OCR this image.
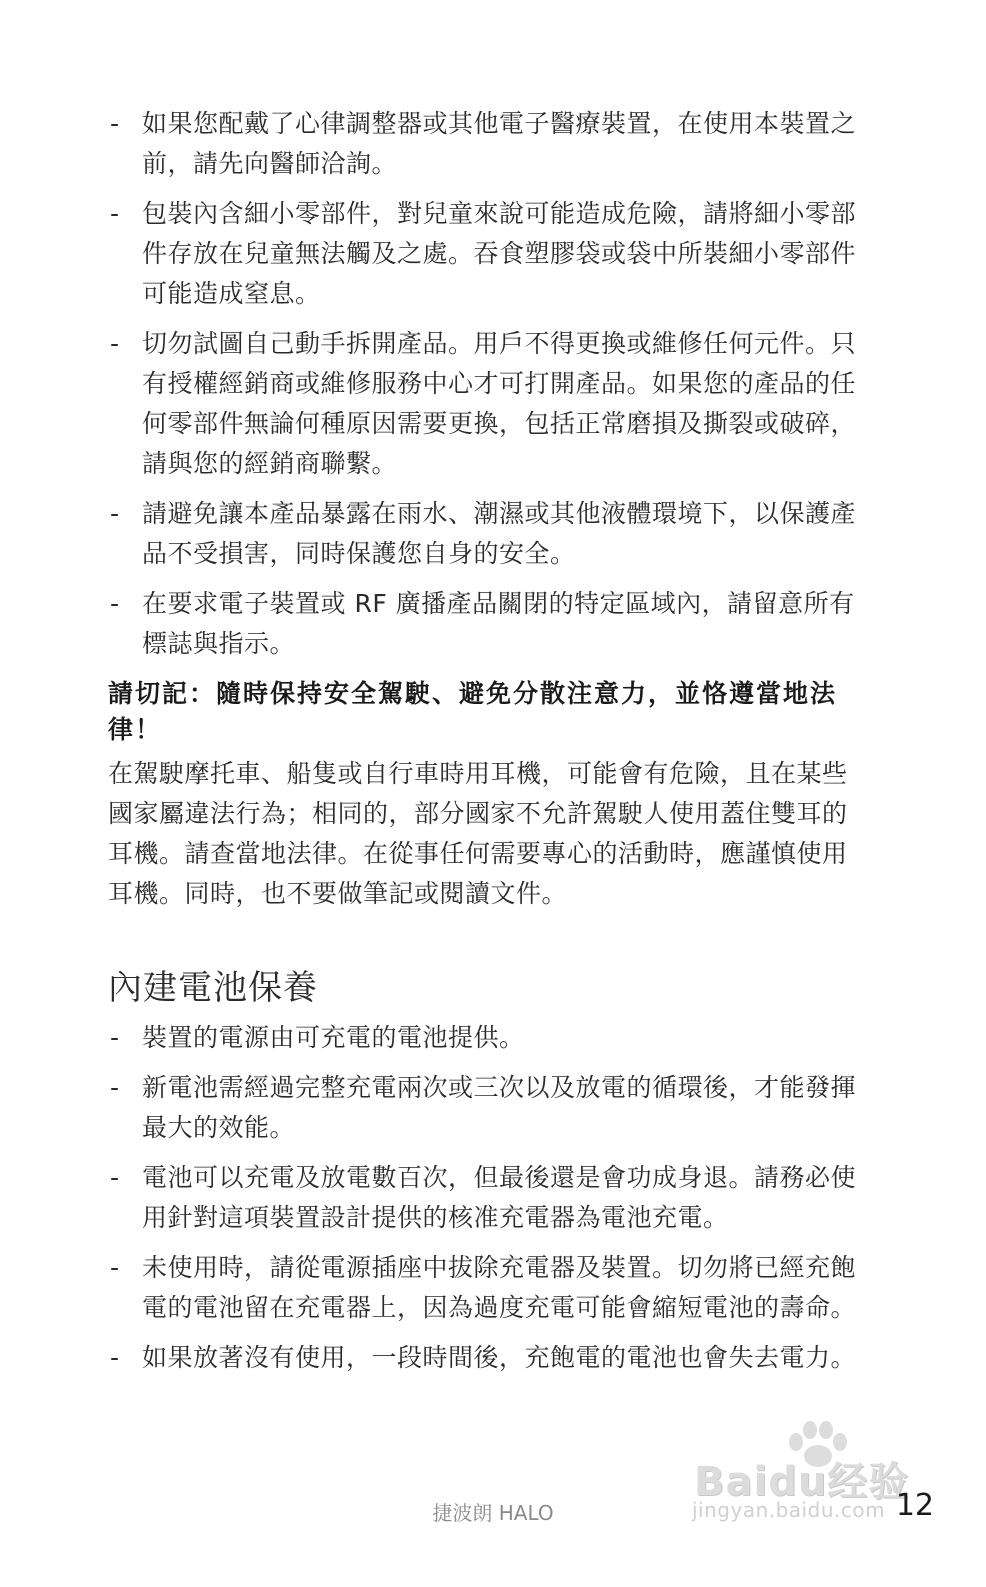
- 如果您配戴了心律調整器或其他電子醫療裝置，在使用本裝置之前，請先向醫師洽詢。
- 包裝內含細小零部件，對兒童來說可能造成危險，請將細小零部件存放在兒童無法觸及之處。吞食塑膠袋或袋中所裝細小零部件可能造成窒息。
- 切勿試圖自己動手拆開產品。用戶不得更換或維修任何元件。只有授權經銷商或維修服務中心才可打開產品。如果您的產品的任何零部件無論何種原因需要更換，包括正常磨損及撕裂或破碎，請與您的經銷商聯繫。
- 請避免讓本產品暴露在雨水、潮濕或其他液體環境下，以保護產品不受損害，同時保護您自身的安全。
- 在要求電子裝置或 RF 廣播產品關閉的特定區域內，請留意所有標誌與指示。
請切記：隨時保持安全駕駛、避免分散注意力，並恪遵當地法律！

在駕駛摩托車、船隻或自行車時用耳機，可能會有危險，且在某些國家屬違法行為；相同的，部分國家不允許駕駛人使用蓋住雙耳的耳機。請查當地法律。在從事任何需要專心的活動時，應謹慎使用耳機。同時，也不要做筆記或閱讀文件。

內建電池保養
- 裝置的電源由可充電的電池提供。
- 新電池需經過完整充電兩次或三次以及放電的循環後，才能發揮最大的效能。
- 電池可以充電及放電數百次，但最後還是會功成身退。請務必使用針對這項裝置設計提供的核准充電器為電池充電。
- 未使用時，請從電源插座中拔除充電器及裝置。切勿將已經充飽電的電池留在充電器上，因為過度充電可能會縮短電池的壽命。
- 如果放著沒有使用，一段時間後，充飽電的電池也會失去電力。
Baidu经验
jingyan.baidu.com
捷波朗 HALO	12
